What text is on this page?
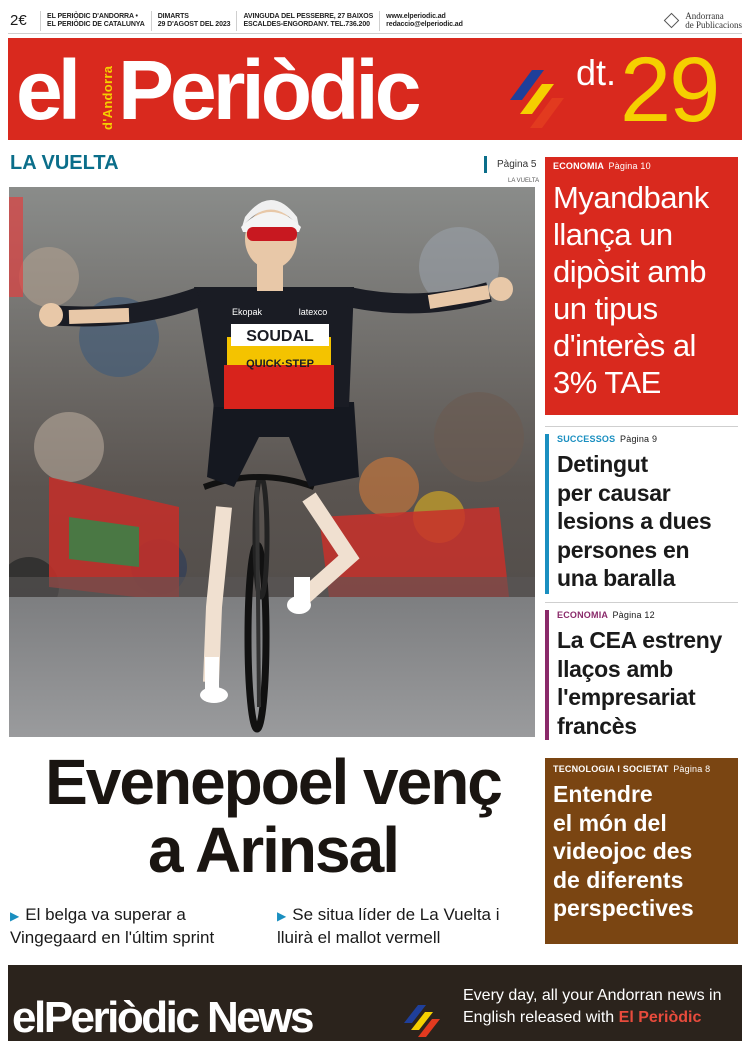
2€	EL PERIÒDIC D'ANDORRA •
EL PERIÒDIC DE CATALUNYA
DIMARTS
29 D'AGOST DEL 2023
AVINGUDA DEL PESSEBRE, 27 BAIXOS
ESCALDES-ENGORDANY. TEL.736.200
www.elperiodic.ad
redaccio@elperiodic.ad
Andorrana
de Publicacions
el d'Andorra Periòdic	dt. 29
LA VUELTA	Pàgina 5
LA VUELTA
SOUDAL
QUICK·STEP
Ekopak	latexco
Evenepoel venç
a Arinsal
▶ El belga va superar a
Vingegaard en l'últim sprint
▶ Se situa líder de La Vuelta i
lluirà el mallot vermell
ECONOMIA Pàgina 10
Myandbank
llança un
dipòsit amb
un tipus
d'interès al
3% TAE
SUCCESSOS Pàgina 9
Detingut
per causar
lesions a dues
persones en
una baralla
ECONOMIA Pàgina 12
La CEA estreny
llaços amb
l'empresariat
francès
TECNOLOGIA I SOCIETAT Pàgina 8
Entendre
el món del
videojoc des
de diferents
perspectives
elPeriòdic News	Every day, all your Andorran news in
English released with El Periòdic
